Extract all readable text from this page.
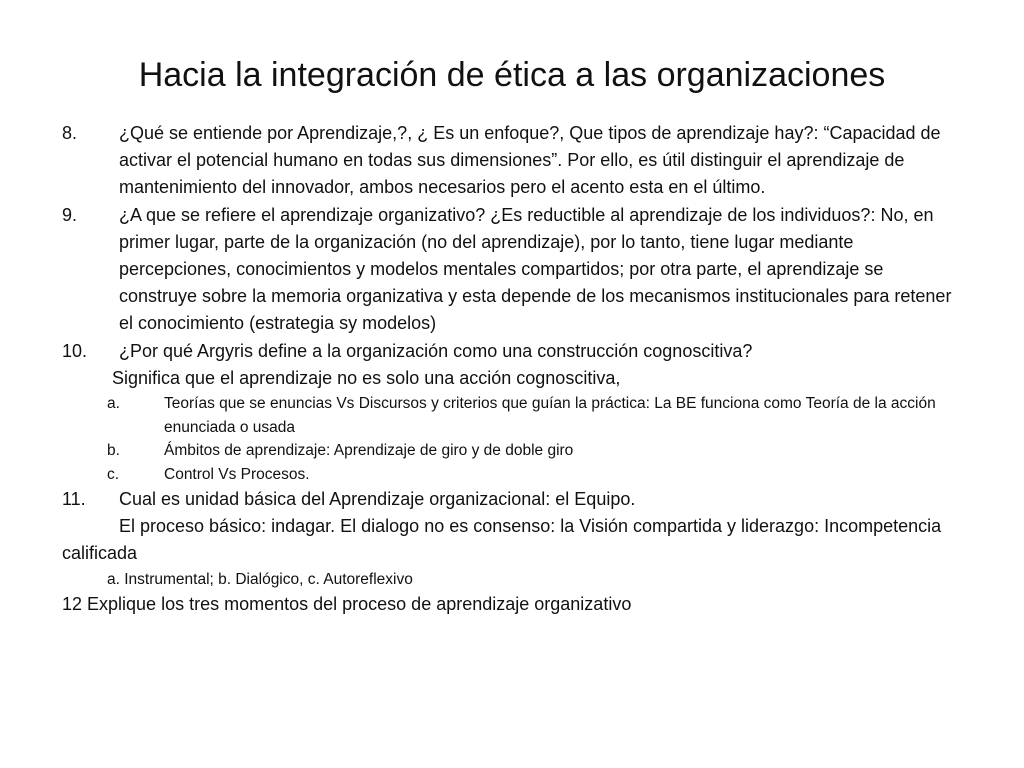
Hacia la integración de ética a las organizaciones
8. ¿Qué se entiende por Aprendizaje,?, ¿ Es un enfoque?, Que tipos de aprendizaje hay?: “Capacidad de activar el potencial humano en todas sus dimensiones”. Por ello, es útil distinguir el aprendizaje de mantenimiento del innovador, ambos necesarios pero el acento esta en el último.
9. ¿A que se refiere el aprendizaje organizativo? ¿Es reductible al aprendizaje de los individuos?: No, en primer lugar, parte de la organización (no del aprendizaje), por lo tanto, tiene lugar mediante percepciones, conocimientos y modelos mentales compartidos; por otra parte, el aprendizaje se construye sobre la memoria organizativa y esta depende de los mecanismos institucionales para retener el conocimiento (estrategia sy modelos)
10. ¿Por qué Argyris define a la organización como una construcción cognoscitiva?
Significa que el aprendizaje no es solo una acción cognoscitiva,
a.	Teorías que se enuncias Vs Discursos y criterios que guían la práctica: La BE funciona como Teoría de la acción enunciada o usada
b.	Ámbitos de aprendizaje: Aprendizaje de giro y de doble giro
c.	Control Vs Procesos.
11. Cual es unidad básica del Aprendizaje organizacional: el Equipo.
El proceso básico: indagar. El dialogo no es consenso: la Visión compartida y liderazgo: Incompetencia calificada
a. Instrumental; b. Dialógico, c. Autoreflexivo
12 Explique los tres momentos del proceso de aprendizaje organizativo
